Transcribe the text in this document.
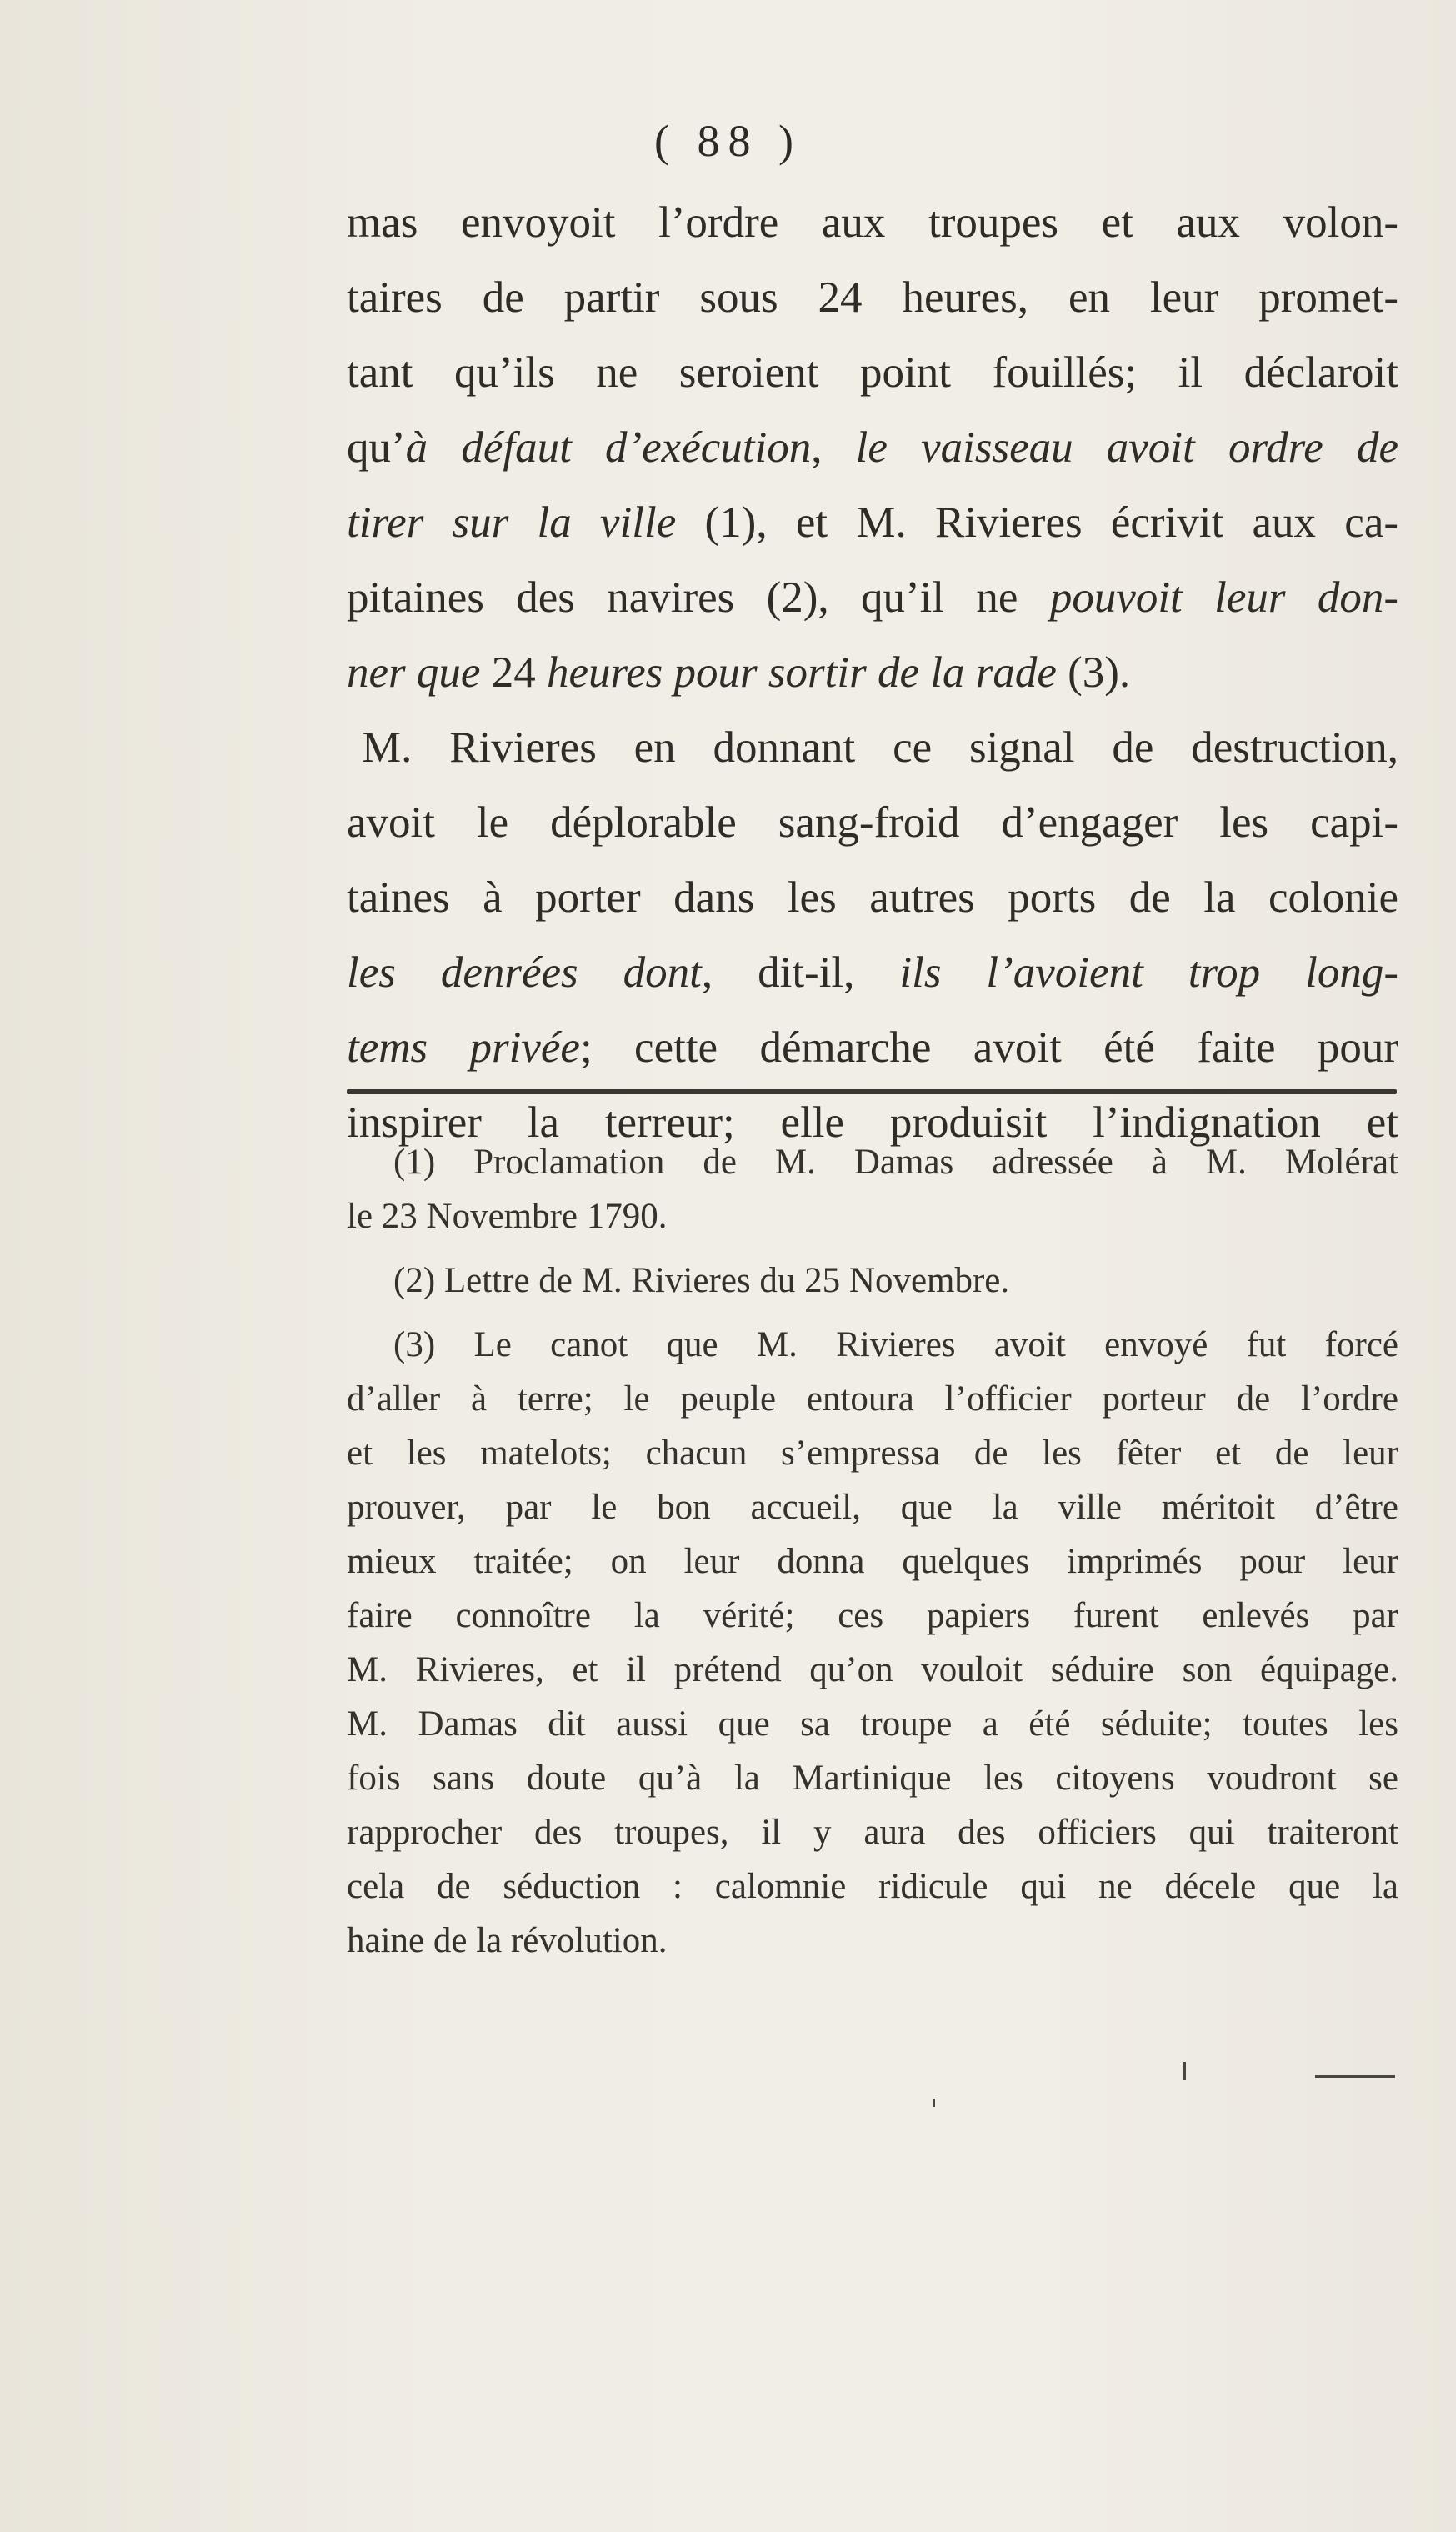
( 88 )
mas envoyoit l’ordre aux troupes et aux volon-
taires de partir sous 24 heures, en leur promet-
tant qu’ils ne seroient point fouillés; il déclaroit
qu’à défaut d’exécution, le vaisseau avoit ordre de
tirer sur la ville (1), et M. Rivieres écrivit aux ca-
pitaines des navires (2), qu’il ne pouvoit leur don-
ner que 24 heures pour sortir de la rade (3).
M. Rivieres en donnant ce signal de destruction,
avoit le déplorable sang-froid d’engager les capi-
taines à porter dans les autres ports de la colonie
les denrées dont, dit-il, ils l’avoient trop long-
tems privée; cette démarche avoit été faite pour
inspirer la terreur; elle produisit l’indignation et
(1) Proclamation de M. Damas adressée à M. Molérat
le 23 Novembre 1790.
(2) Lettre de M. Rivieres du 25 Novembre.
(3) Le canot que M. Rivieres avoit envoyé fut forcé
d’aller à terre; le peuple entoura l’officier porteur de l’ordre
et les matelots; chacun s’empressa de les fêter et de leur
prouver, par le bon accueil, que la ville méritoit d’être
mieux traitée; on leur donna quelques imprimés pour leur
faire connoître la vérité; ces papiers furent enlevés par
M. Rivieres, et il prétend qu’on vouloit séduire son équipage.
M. Damas dit aussi que sa troupe a été séduite; toutes les
fois sans doute qu’à la Martinique les citoyens voudront se
rapprocher des troupes, il y aura des officiers qui traiteront
cela de séduction : calomnie ridicule qui ne décele que la
haine de la révolution.
